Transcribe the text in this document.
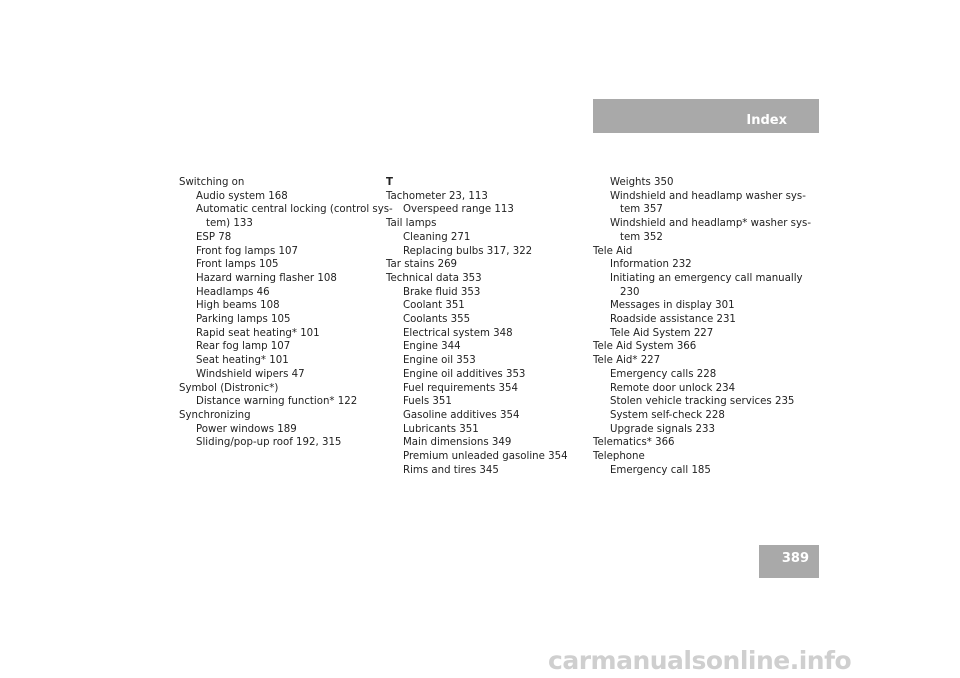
Index
Switching on
Audio system 168
Automatic central locking (control sys-
tem) 133
ESP 78
Front fog lamps 107
Front lamps 105
Hazard warning flasher 108
Headlamps 46
High beams 108
Parking lamps 105
Rapid seat heating* 101
Rear fog lamp 107
Seat heating* 101
Windshield wipers 47
Symbol (Distronic*)
Distance warning function* 122
Synchronizing
Power windows 189
Sliding/pop-up roof 192, 315
T
Tachometer 23, 113
Overspeed range 113
Tail lamps
Cleaning 271
Replacing bulbs 317, 322
Tar stains 269
Technical data 353
Brake fluid 353
Coolant 351
Coolants 355
Electrical system 348
Engine 344
Engine oil 353
Engine oil additives 353
Fuel requirements 354
Fuels 351
Gasoline additives 354
Lubricants 351
Main dimensions 349
Premium unleaded gasoline 354
Rims and tires 345
Weights 350
Windshield and headlamp washer sys-
tem 357
Windshield and headlamp* washer sys-
tem 352
Tele Aid
Information 232
Initiating an emergency call manually
230
Messages in display 301
Roadside assistance 231
Tele Aid System 227
Tele Aid System 366
Tele Aid* 227
Emergency calls 228
Remote door unlock 234
Stolen vehicle tracking services 235
System self-check 228
Upgrade signals 233
Telematics* 366
Telephone
Emergency call 185
389
carmanualsonline.info
